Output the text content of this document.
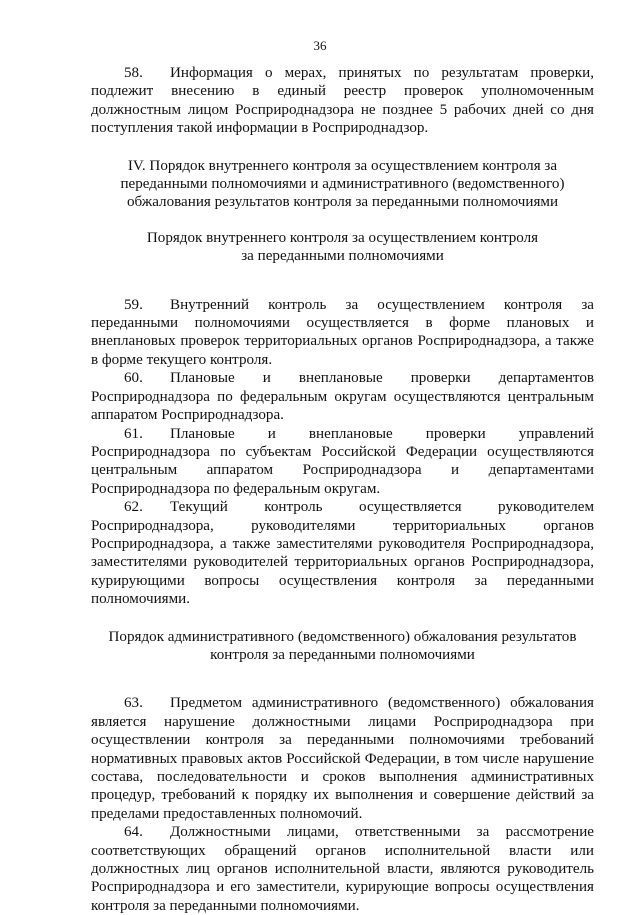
36

58. Информация о мерах, принятых по результатам проверки, подлежит внесению в единый реестр проверок уполномоченным должностным лицом Росприроднадзора не позднее 5 рабочих дней со дня поступления такой информации в Росприроднадзор.

IV. Порядок внутреннего контроля за осуществлением контроля за
переданными полномочиями и административного (ведомственного)
обжалования результатов контроля за переданными полномочиями

Порядок внутреннего контроля за осуществлением контроля
за переданными полномочиями

59. Внутренний контроль за осуществлением контроля за переданными полномочиями осуществляется в форме плановых и внеплановых проверок территориальных органов Росприроднадзора, а также в форме текущего контроля.

60. Плановые и внеплановые проверки департаментов Росприроднадзора по федеральным округам осуществляются центральным аппаратом Росприроднадзора.

61. Плановые и внеплановые проверки управлений Росприроднадзора по субъектам Российской Федерации осуществляются центральным аппаратом Росприроднадзора и департаментами Росприроднадзора по федеральным округам.

62. Текущий контроль осуществляется руководителем Росприроднадзора, руководителями территориальных органов Росприроднадзора, а также заместителями руководителя Росприроднадзора, заместителями руководителей территориальных органов Росприроднадзора, курирующими вопросы осуществления контроля за переданными полномочиями.

Порядок административного (ведомственного) обжалования результатов
контроля за переданными полномочиями

63. Предметом административного (ведомственного) обжалования является нарушение должностными лицами Росприроднадзора при осуществлении контроля за переданными полномочиями требований нормативных правовых актов Российской Федерации, в том числе нарушение состава, последовательности и сроков выполнения административных процедур, требований к порядку их выполнения и совершение действий за пределами предоставленных полномочий.

64. Должностными лицами, ответственными за рассмотрение соответствующих обращений органов исполнительной власти или должностных лиц органов исполнительной власти, являются руководитель Росприроднадзора и его заместители, курирующие вопросы осуществления контроля за переданными полномочиями.
